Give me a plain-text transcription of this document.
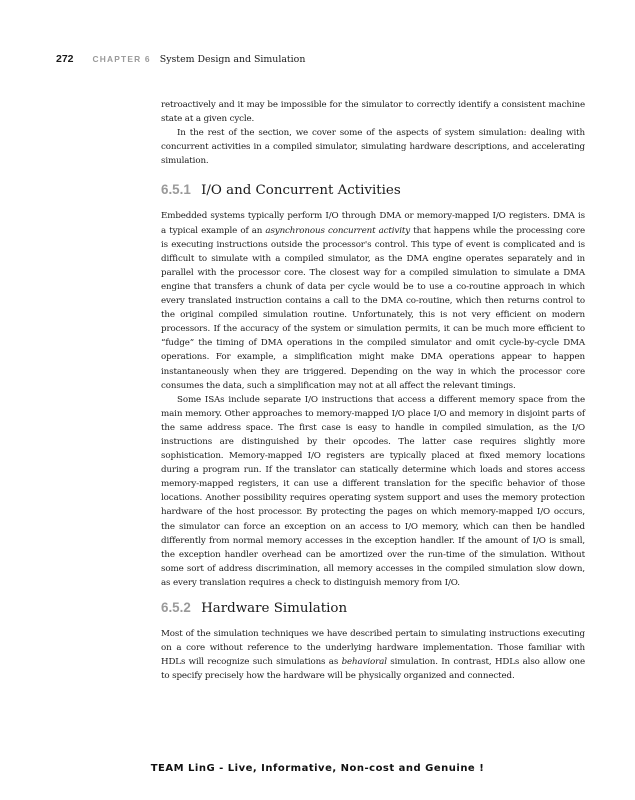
272 CHAPTER 6 System Design and Simulation

retroactively and it may be impossible for the simulator to correctly identify a consistent machine state at a given cycle.

In the rest of the section, we cover some of the aspects of system simulation: dealing with concurrent activities in a compiled simulator, simulating hardware descriptions, and accelerating simulation.

6.5.1 I/O and Concurrent Activities

Embedded systems typically perform I/O through DMA or memory-mapped I/O registers. DMA is a typical example of an asynchronous concurrent activity that happens while the processing core is executing instructions outside the processor's control. This type of event is complicated and is difficult to simulate with a compiled simulator, as the DMA engine operates separately and in parallel with the processor core. The closest way for a compiled simulation to simulate a DMA engine that transfers a chunk of data per cycle would be to use a co-routine approach in which every translated instruction contains a call to the DMA co-routine, which then returns control to the original compiled simulation routine. Unfortunately, this is not very efficient on modern processors. If the accuracy of the system or simulation permits, it can be much more efficient to “fudge” the timing of DMA operations in the compiled simulator and omit cycle-by-cycle DMA operations. For example, a simplification might make DMA operations appear to happen instantaneously when they are triggered. Depending on the way in which the processor core consumes the data, such a simplification may not at all affect the relevant timings.

Some ISAs include separate I/O instructions that access a different memory space from the main memory. Other approaches to memory-mapped I/O place I/O and memory in disjoint parts of the same address space. The first case is easy to handle in compiled simulation, as the I/O instructions are distinguished by their opcodes. The latter case requires slightly more sophistication. Memory-mapped I/O registers are typically placed at fixed memory locations during a program run. If the translator can statically determine which loads and stores access memory-mapped registers, it can use a different translation for the specific behavior of those locations. Another possibility requires operating system support and uses the memory protection hardware of the host processor. By protecting the pages on which memory-mapped I/O occurs, the simulator can force an exception on an access to I/O memory, which can then be handled differently from normal memory accesses in the exception handler. If the amount of I/O is small, the exception handler overhead can be amortized over the run-time of the simulation. Without some sort of address discrimination, all memory accesses in the compiled simulation slow down, as every translation requires a check to distinguish memory from I/O.

6.5.2 Hardware Simulation

Most of the simulation techniques we have described pertain to simulating instructions executing on a core without reference to the underlying hardware implementation. Those familiar with HDLs will recognize such simulations as behavioral simulation. In contrast, HDLs also allow one to specify precisely how the hardware will be physically organized and connected.

TEAM LinG - Live, Informative, Non-cost and Genuine !
